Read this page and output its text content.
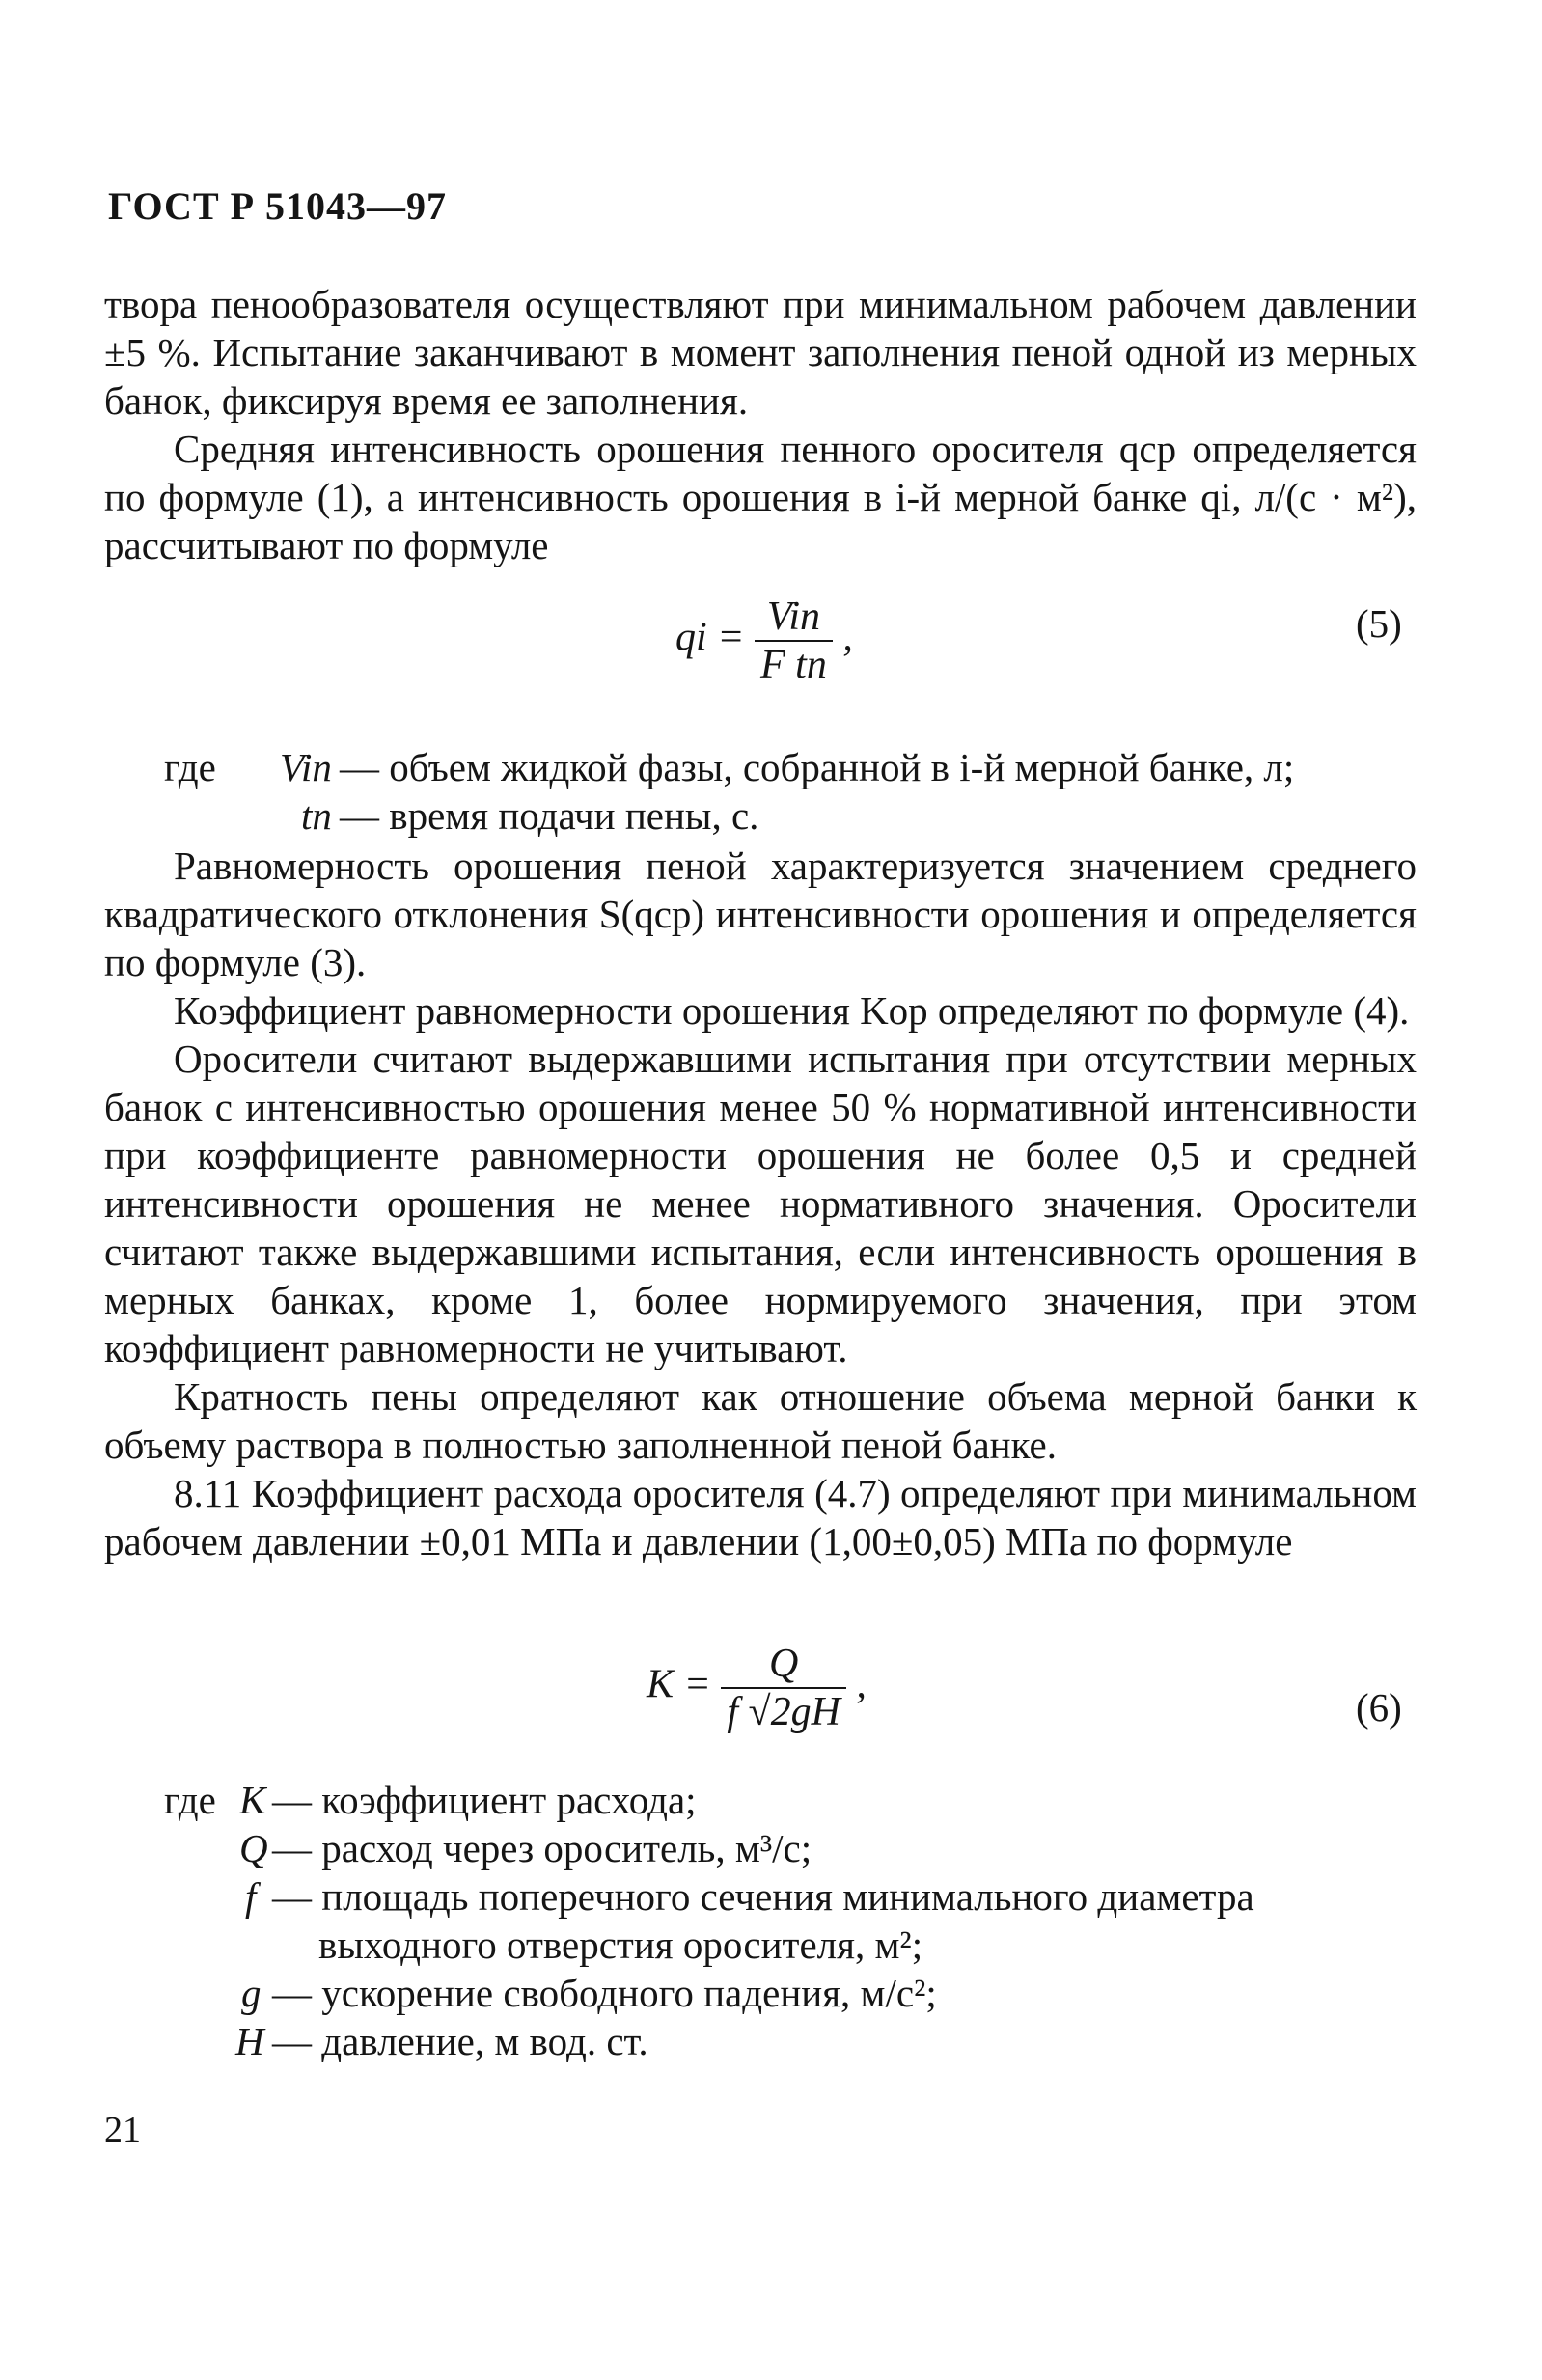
ГОСТ Р 51043—97

твора пенообразователя осуществляют при минимальном рабочем давлении ±5 %. Испытание заканчивают в момент заполнения пеной одной из мерных банок, фиксируя время ее заполнения.

Средняя интенсивность орошения пенного оросителя qср определяется по формуле (1), а интенсивность орошения в i-й мерной банке qi, л/(с · м²), рассчитывают по формуле

qi = $\frac{\text{Viп}}{\text{F tп}}$ ,	(5)
где Viп — объем жидкой фазы, собранной в i-й мерной банке, л;
tп — время подачи пены, с.

Равномерность орошения пеной характеризуется значением среднего квадратического отклонения S(qср) интенсивности орошения и определяется по формуле (3).

Коэффициент равномерности орошения Kор определяют по формуле (4).

Оросители считают выдержавшими испытания при отсутствии мерных банок с интенсивностью орошения менее 50 % нормативной интенсивности при коэффициенте равномерности орошения не более 0,5 и средней интенсивности орошения не менее нормативного значения. Оросители считают также выдержавшими испытания, если интенсивность орошения в мерных банках, кроме 1, более нормируемого значения, при этом коэффициент равномерности не учитывают.

Кратность пены определяют как отношение объема мерной банки к объему раствора в полностью заполненной пеной банке.

8.11 Коэффициент расхода оросителя (4.7) определяют при минимальном рабочем давлении ±0,01 МПа и давлении (1,00±0,05) МПа по формуле

$K = \frac{Q}{f √2gH}$ ,
(6)
где K — коэффициент расхода;
Q — расход через ороситель, м³/с;
f — площадь поперечного сечения минимального диаметра
выходного отверстия оросителя, м²;
g — ускорение свободного падения, м/с²;
H — давление, м вод. ст.
21
